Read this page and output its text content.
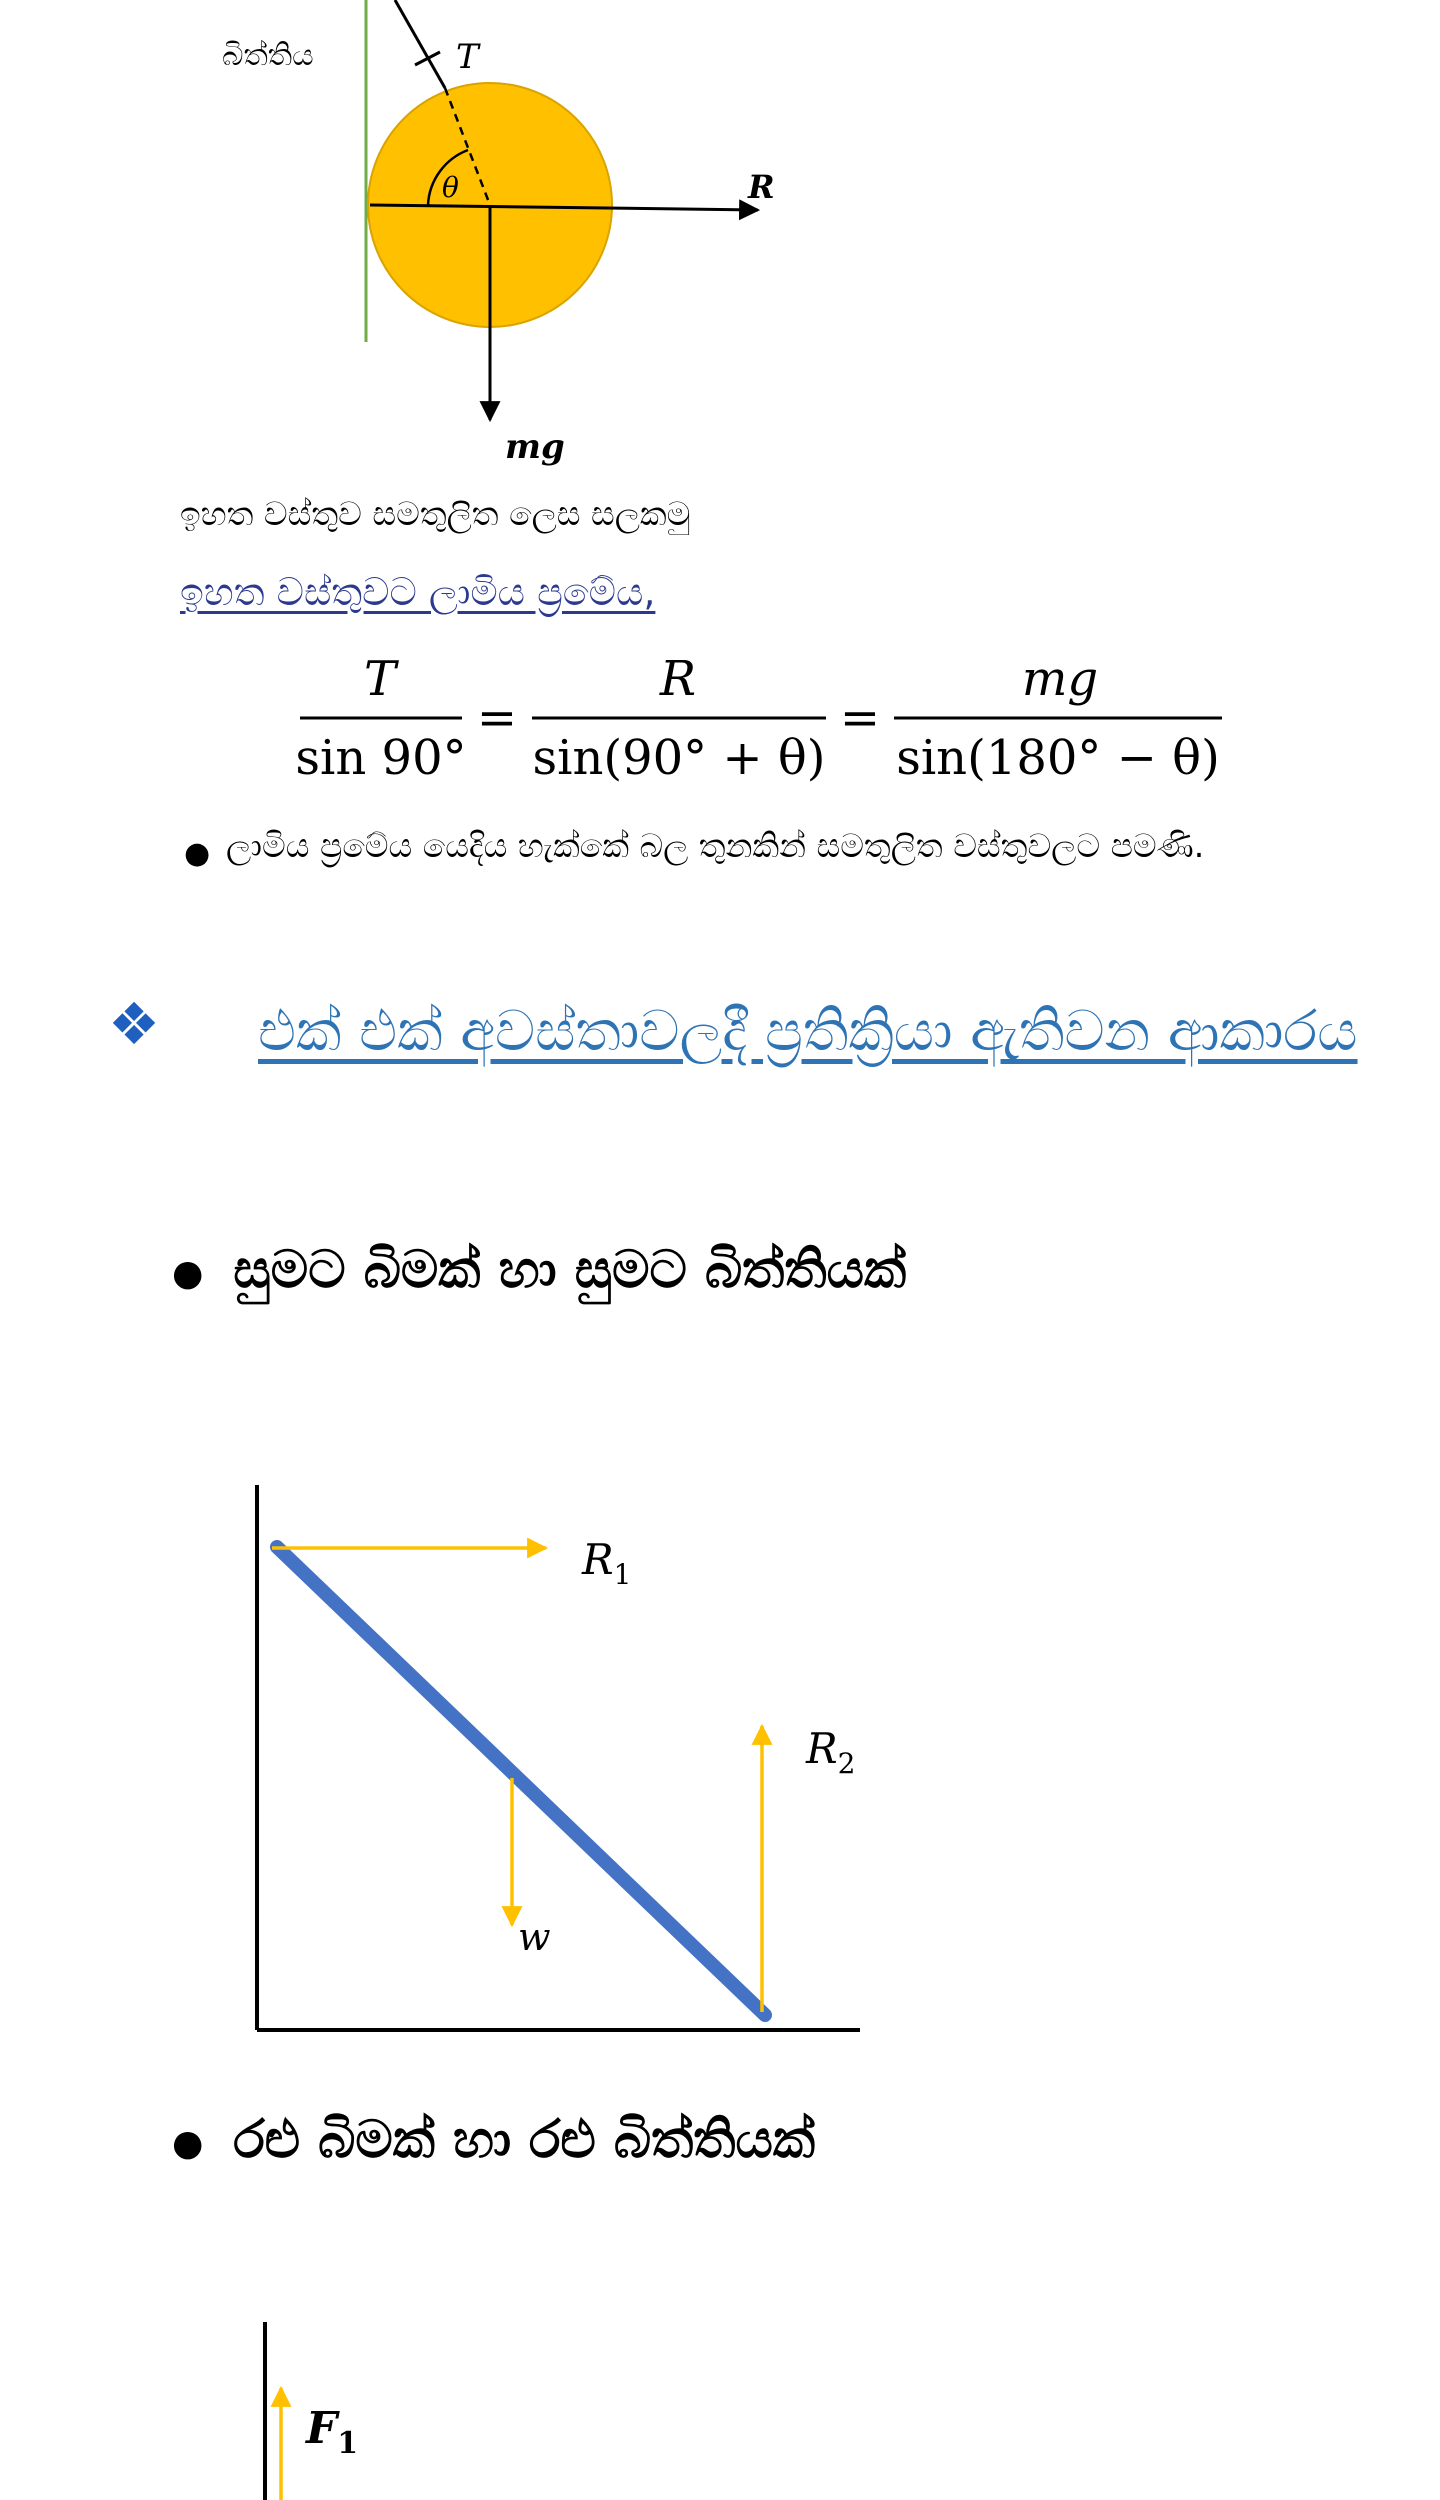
T
θ	R
mg
බිත්තිය
ඉහත වස්තුව සමතුලිත ලෙස සලකමු
ඉහත වස්තුවට ලාමිය ප්‍රමේය,
T
sin 90°
=
R
sin(90° + θ)
=
mg
sin(180° − θ)
● ලාමිය ප්‍රමේය යෙදිය හැක්කේ බල තුනකින් සමතුලිත වස්තුවලට පමණි.
❖ එක් එක් අවස්තාවලදී ප්‍රතික්‍රියා ඇතිවන ආකාරය
● සුමට බිමක් හා සුමට බිත්තියක්
$R_1$
$R_2$
w
● රළු බිමක් හා රළු බිත්තියක්
$F_1$
